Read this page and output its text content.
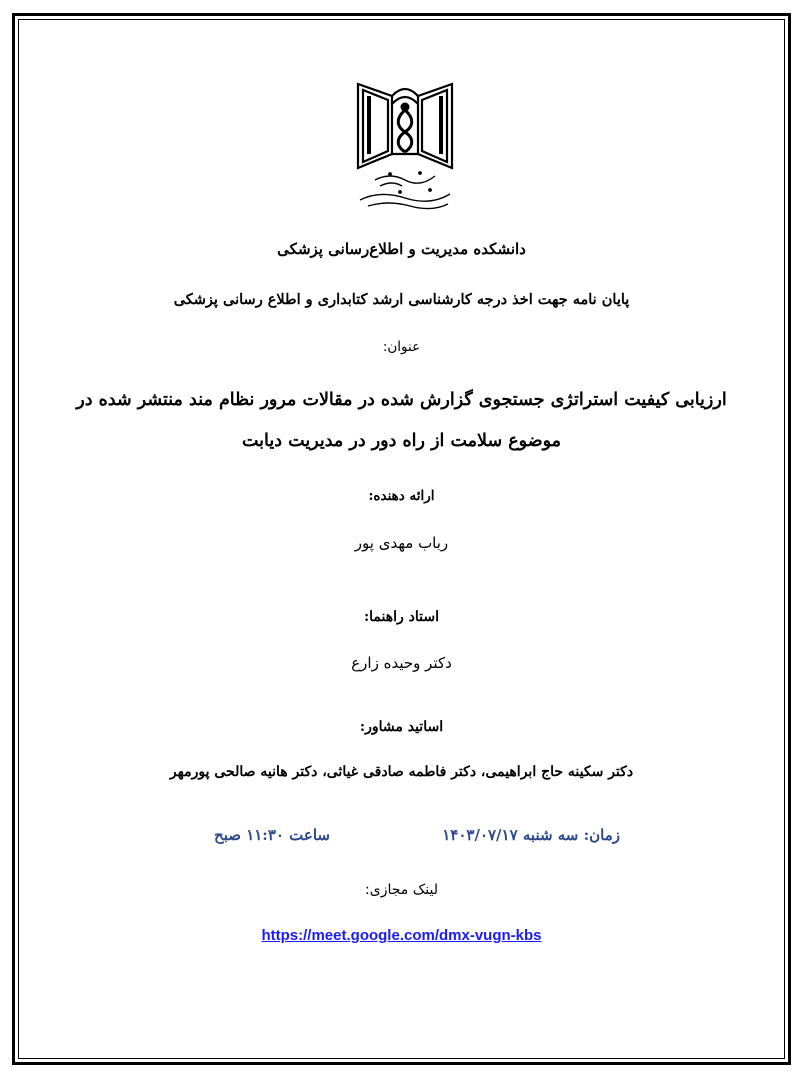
دانشکده مدیریت و اطلاع‌رسانی پزشکی
پایان نامه جهت اخذ درجه کارشناسی ارشد کتابداری و اطلاع رسانی پزشکی
عنوان:
ارزیابی کیفیت استراتژی جستجوی گزارش شده در مقالات مرور نظام مند منتشر شده در
موضوع سلامت از راه دور در مدیریت دیابت
ارائه دهنده:
رباب مهدی پور
استاد راهنما:
دکتر وحیده زارع
اساتید مشاور:
دکتر سکینه حاج ابراهیمی، دکتر فاطمه صادقی غیاثی، دکتر هانیه صالحی پورمهر
زمان: سه شنبه ۱۴۰۳/۰۷/۱۷
ساعت ۱۱:۳۰ صبح
لینک مجازی:
https://meet.google.com/dmx-vugn-kbs
